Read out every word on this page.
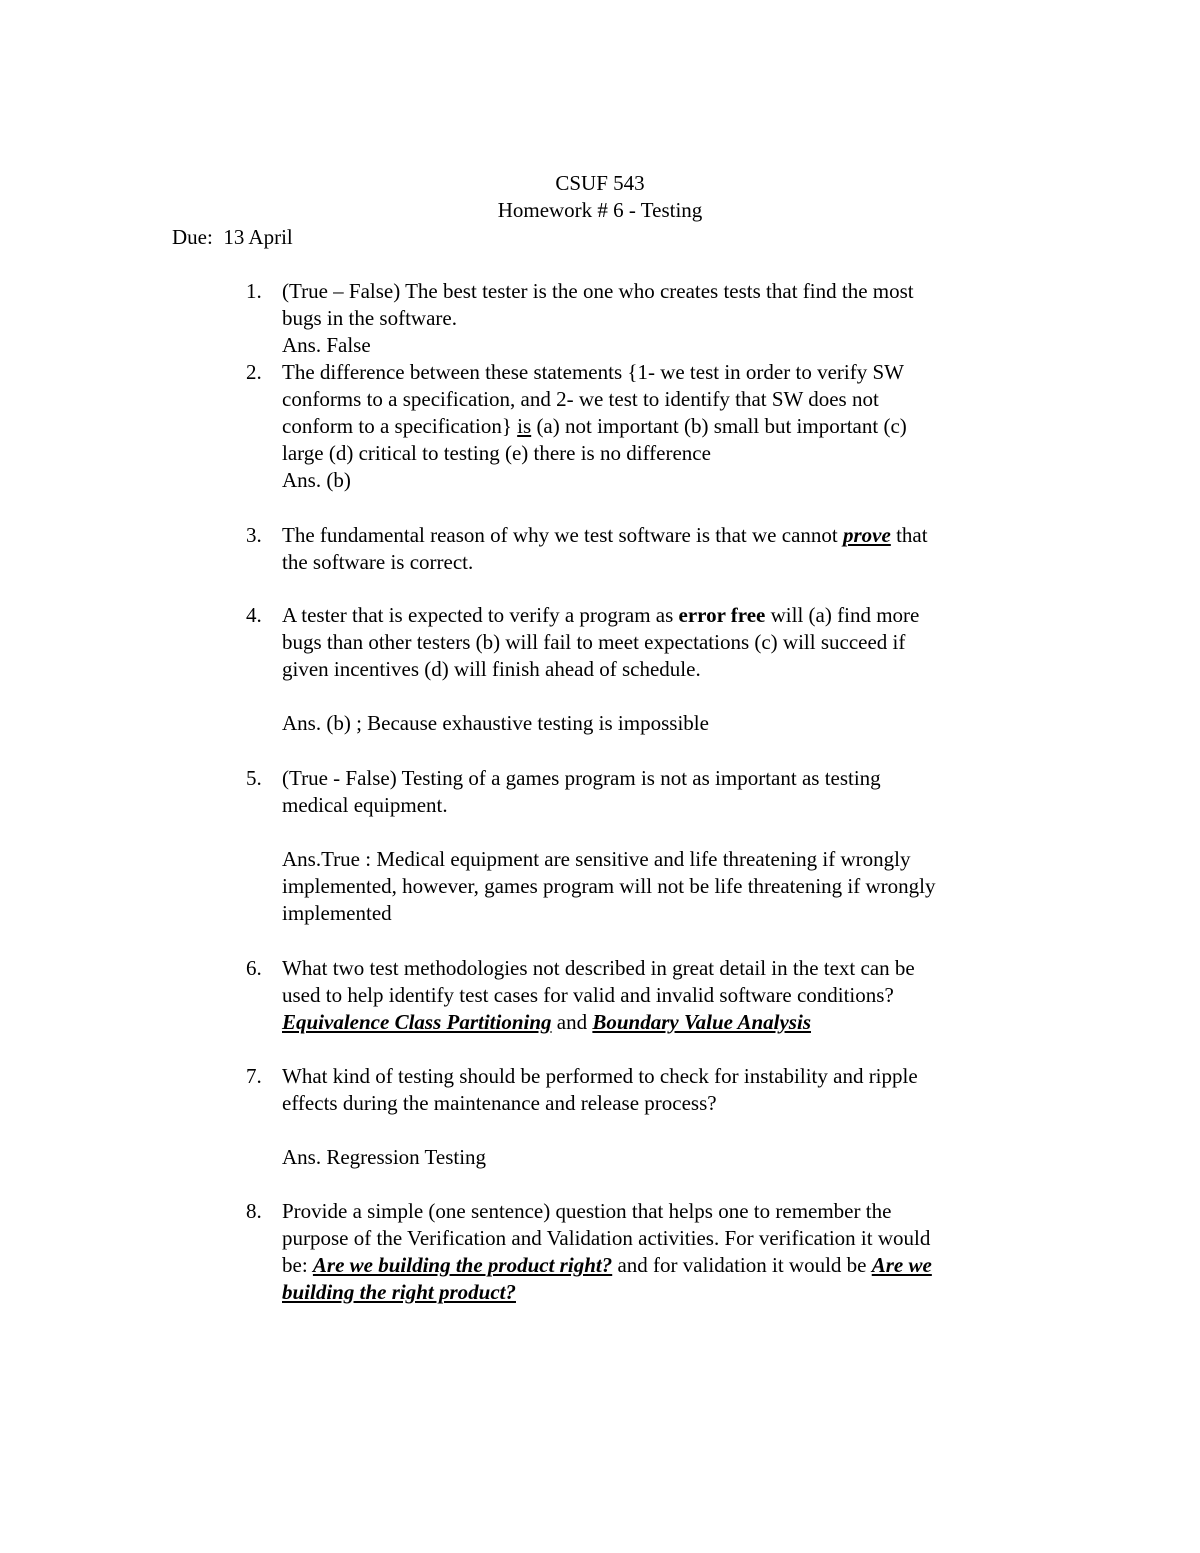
CSUF 543
Homework # 6 - Testing
Due: 13 April
1. (True – False) The best tester is the one who creates tests that find the most
bugs in the software.
Ans. False
2. The difference between these statements {1- we test in order to verify SW
conforms to a specification, and 2- we test to identify that SW does not
conform to a specification} is (a) not important (b) small but important (c)
large (d) critical to testing (e) there is no difference
Ans. (b)
3. The fundamental reason of why we test software is that we cannot prove that
the software is correct.
4. A tester that is expected to verify a program as error free will (a) find more
bugs than other testers (b) will fail to meet expectations (c) will succeed if
given incentives (d) will finish ahead of schedule.
Ans. (b) ; Because exhaustive testing is impossible
5. (True - False) Testing of a games program is not as important as testing
medical equipment.
Ans.True : Medical equipment are sensitive and life threatening if wrongly
implemented, however, games program will not be life threatening if wrongly
implemented
6. What two test methodologies not described in great detail in the text can be
used to help identify test cases for valid and invalid software conditions?
Equivalence Class Partitioning and Boundary Value Analysis
7. What kind of testing should be performed to check for instability and ripple
effects during the maintenance and release process?
Ans. Regression Testing
8. Provide a simple (one sentence) question that helps one to remember the
purpose of the Verification and Validation activities. For verification it would
be: Are we building the product right? and for validation it would be Are we
building the right product?
